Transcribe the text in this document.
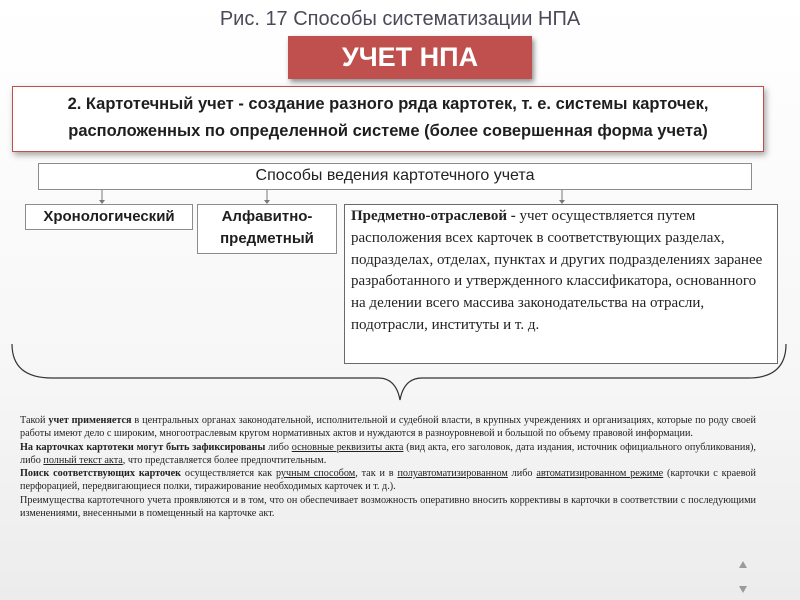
Рис. 17 Способы систематизации НПА
УЧЕТ НПА
2. Картотечный учет - создание разного ряда картотек, т. е. системы карточек, расположенных по определенной системе (более совершенная форма учета)
Способы ведения картотечного учета
Хронологический	Алфавитно-
предметный
Предметно-отраслевой - учет осуществляется путем расположения всех карточек в соответствующих разделах, подразделах, отделах, пунктах и других подразделениях заранее разработанного и утвержденного классификатора, основанного на делении всего массива законодательства на отрасли, подотрасли, институты и т. д.

Такой учет применяется в центральных органах законодательной, исполнительной и судебной власти, в крупных учреждениях и организациях, которые по роду своей работы имеют дело с широким, многоотраслевым кругом нормативных актов и нуждаются в разноуровневой и большой по объему правовой информации.

На карточках картотеки могут быть зафиксированы либо основные реквизиты акта (вид акта, его заголовок, дата издания, источник официального опубликования), либо полный текст акта, что представляется более предпочтительным.

Поиск соответствующих карточек осуществляется как ручным способом, так и в полуавтоматизированном либо автоматизированном режиме (карточки с краевой перфорацией, передвигающиеся полки, тиражирование необходимых карточек и т. д.).

Преимущества картотечного учета проявляются и в том, что он обеспечивает возможность оперативно вносить коррективы в карточки в соответствии с последующими изменениями, внесенными в помещенный на карточке акт.
